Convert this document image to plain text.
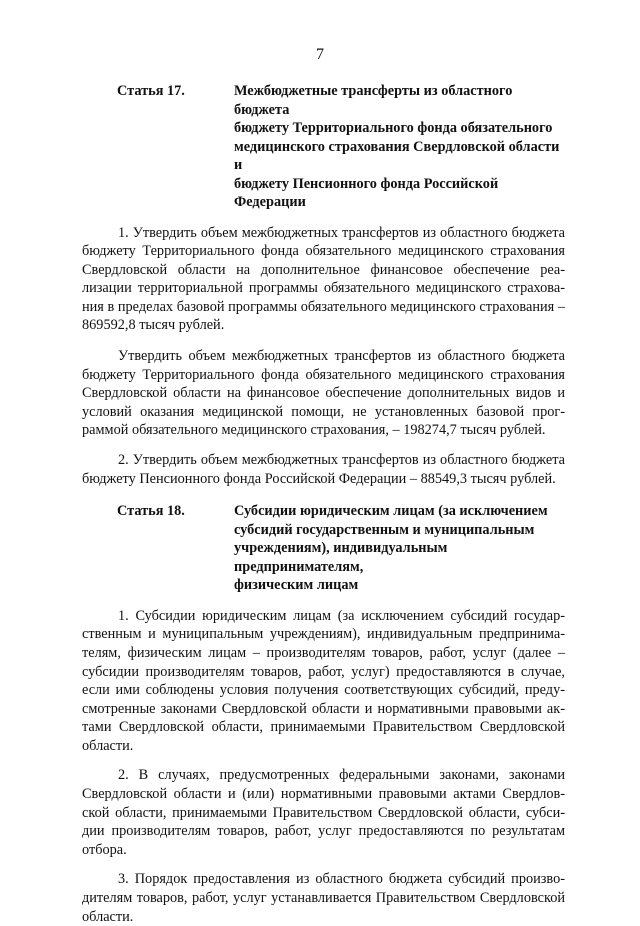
7
Статья 17.	Межбюджетные трансферты из областного бюджета
бюджету Территориального фонда обязательного
медицинского страхования Свердловской области и
бюджету Пенсионного фонда Российской Федерации

1. Утвердить объем межбюджетных трансфертов из областного бюджета бюджету Территориального фонда обязательного медицинского страхования Свердловской области на дополнительное финансовое обеспечение реализации территориальной программы обязательного медицинского страхования в пределах базовой программы обязательного медицинского страхования – 869592,8 тысяч рублей.

Утвердить объем межбюджетных трансфертов из областного бюджета бюджету Территориального фонда обязательного медицинского страхования Свердловской области на финансовое обеспечение дополнительных видов и условий оказания медицинской помощи, не установленных базовой программой обязательного медицинского страхования, – 198274,7 тысяч рублей.

2. Утвердить объем межбюджетных трансфертов из областного бюджета бюджету Пенсионного фонда Российской Федерации – 88549,3 тысяч рублей.

Статья 18.	Субсидии юридическим лицам (за исключением
субсидий государственным и муниципальным
учреждениям), индивидуальным предпринимателям,
физическим лицам

1. Субсидии юридическим лицам (за исключением субсидий государственным и муниципальным учреждениям), индивидуальным предпринимателям, физическим лицам – производителям товаров, работ, услуг (далее – субсидии производителям товаров, работ, услуг) предоставляются в случае, если ими соблюдены условия получения соответствующих субсидий, предусмотренные законами Свердловской области и нормативными правовыми актами Свердловской области, принимаемыми Правительством Свердловской области.

2. В случаях, предусмотренных федеральными законами, законами Свердловской области и (или) нормативными правовыми актами Свердловской области, принимаемыми Правительством Свердловской области, субсидии производителям товаров, работ, услуг предоставляются по результатам отбора.

3. Порядок предоставления из областного бюджета субсидий производителям товаров, работ, услуг устанавливается Правительством Свердловской области.
